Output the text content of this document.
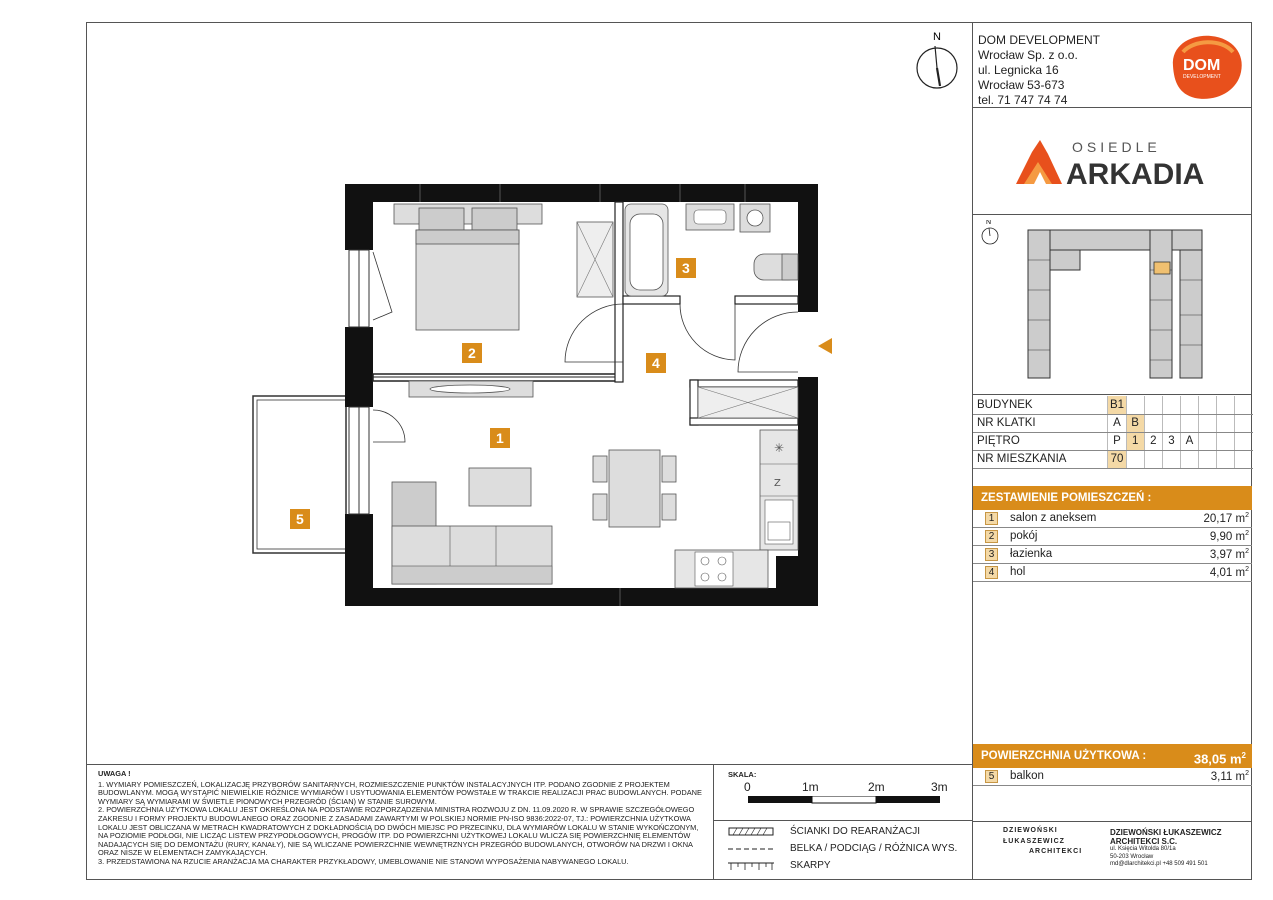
N
✳
Z
1
2
3
4
5
DOM DEVELOPMENT
Wrocław Sp. z o.o.
ul. Legnicka 16
Wrocław 53-673
tel. 71 747 74 74
DOM
DEVELOPMENT
OSIEDLE
ARKADIA
N
BUDYNEK	B1							
NR KLATKI	A	B						
PIĘTRO	P	1	2	3	A			
NR MIESZKANIA	70							
ZESTAWIENIE POMIESZCZEŃ :
1	salon z aneksem	20,17 $m^2$
2	pokój	9,90 $m^2$
3	łazienka	3,97 $m^2$
4	hol	4,01 $m^2$
POWIERZCHNIA UŻYTKOWA :	38,05 $m^2$
5	balkon	3,11 $m^2$
UWAGA !
1. WYMIARY POMIESZCZEŃ, LOKALIZACJĘ PRZYBORÓW SANITARNYCH, ROZMIESZCZENIE PUNKTÓW INSTALACYJNYCH ITP. PODANO ZGODNIE Z PROJEKTEM BUDOWLANYM. MOGĄ WYSTĄPIĆ NIEWIELKIE RÓŻNICE WYMIARÓW I USYTUOWANIA ELEMENTÓW POWSTAŁE W TRAKCIE REALIZACJI PRAC BUDOWLANYCH. PODANE WYMIARY SĄ WYMIARAMI W ŚWIETLE PIONOWYCH PRZEGRÓD (ŚCIAN) W STANIE SUROWYM.
2. POWIERZCHNIA UŻYTKOWA LOKALU JEST OKREŚLONA NA PODSTAWIE ROZPORZĄDZENIA MINISTRA ROZWOJU Z DN. 11.09.2020 R. W SPRAWIE SZCZEGÓŁOWEGO ZAKRESU I FORMY PROJEKTU BUDOWLANEGO ORAZ ZGODNIE Z ZASADAMI ZAWARTYMI W POLSKIEJ NORMIE PN-ISO 9836:2022-07, TJ.: POWIERZCHNIA UŻYTKOWA LOKALU JEST OBLICZANA W METRACH KWADRATOWYCH Z DOKŁADNOŚCIĄ DO DWÓCH MIEJSC PO PRZECINKU, DLA WYMIARÓW LOKALU W STANIE WYKOŃCZONYM, NA POZIOMIE PODŁOGI, NIE LICZĄC LISTEW PRZYPODŁOGOWYCH, PROGÓW ITP. DO POWIERZCHNI UŻYTKOWEJ LOKALU WLICZA SIĘ POWIERZCHNIĘ ELEMENTÓW NADAJĄCYCH SIĘ DO DEMONTAŻU (RURY, KANAŁY), NIE SĄ WLICZANE POWIERZCHNIE WEWNĘTRZNYCH PRZEGRÓD BUDOWLANYCH, OTWORÓW NA DRZWI I OKNA ORAZ NISZE W ELEMENTACH ZAMYKAJĄCYCH.
3. PRZEDSTAWIONA NA RZUCIE ARANŻACJA MA CHARAKTER PRZYKŁADOWY, UMEBLOWANIE NIE STANOWI WYPOSAŻENIA NABYWANEGO LOKALU.
SKALA:
0	1m	2m	3m
ŚCIANKI DO REARANŻACJI
BELKA / PODCIĄG / RÓŻNICA WYS.
SKARPY
DZIEWOŃSKI
ŁUKASZEWICZ
ARCHITEKCI
DZIEWOŃSKI ŁUKASZEWICZ
ARCHITEKCI S.C.
ul. Księcia Witolda 80/1a
50-203 Wrocław
md@dlarchitekci.pl +48 509 491 501
